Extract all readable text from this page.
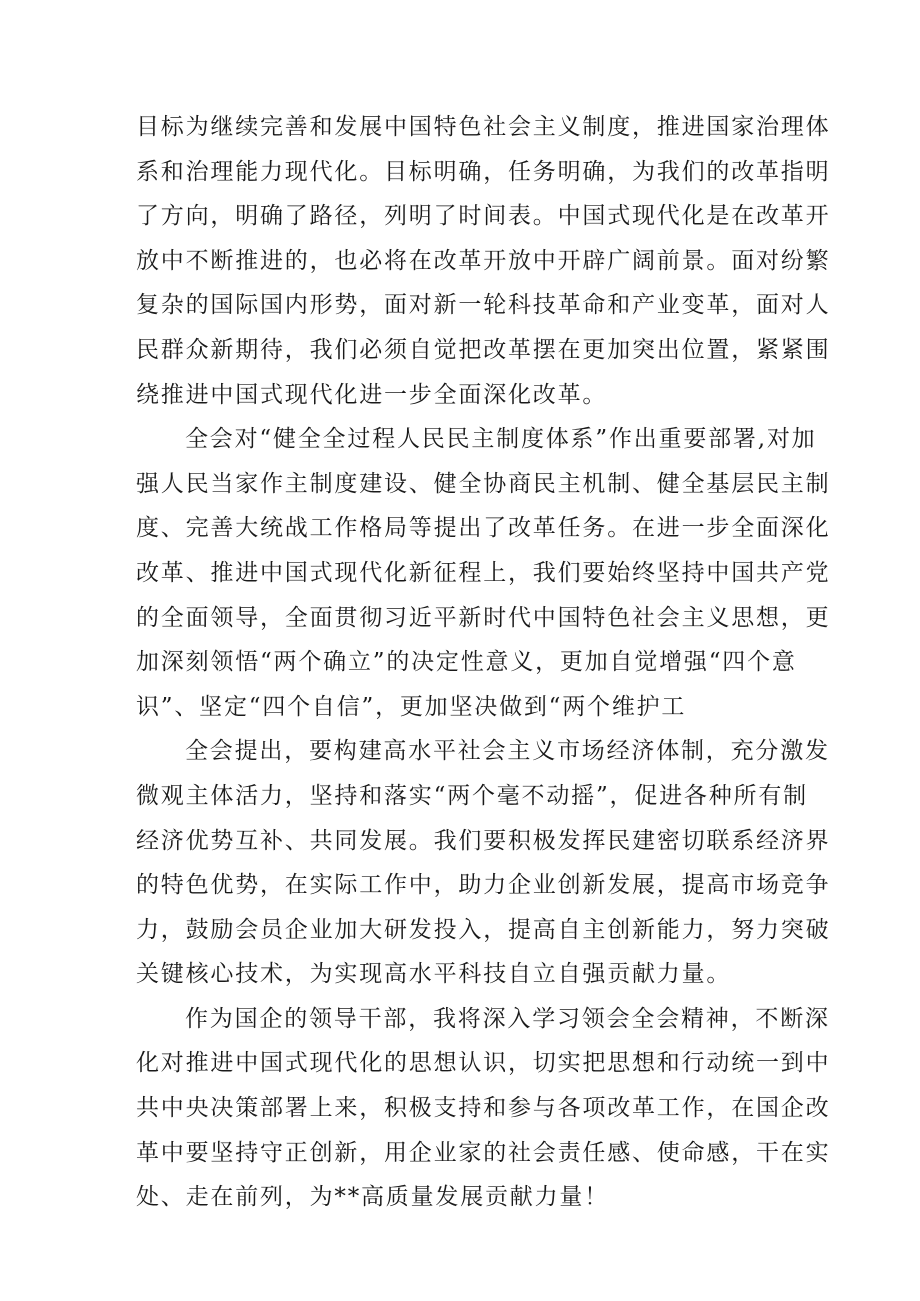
目标为继续完善和发展中国特色社会主义制度，推进国家治理体
系和治理能力现代化。目标明确，任务明确，为我们的改革指明
了方向，明确了路径，列明了时间表。中国式现代化是在改革开
放中不断推进的，也必将在改革开放中开辟广阔前景。面对纷繁
复杂的国际国内形势，面对新一轮科技革命和产业变革，面对人
民群众新期待，我们必须自觉把改革摆在更加突出位置，紧紧围
绕推进中国式现代化进一步全面深化改革。
全会对“健全全过程人民民主制度体系”作出重要部署,对加
强人民当家作主制度建设、健全协商民主机制、健全基层民主制
度、完善大统战工作格局等提出了改革任务。在进一步全面深化
改革、推进中国式现代化新征程上，我们要始终坚持中国共产党
的全面领导，全面贯彻习近平新时代中国特色社会主义思想，更
加深刻领悟“两个确立”的决定性意义，更加自觉增强“四个意
识”、坚定“四个自信”，更加坚决做到“两个维护工
全会提出，要构建高水平社会主义市场经济体制，充分激发
微观主体活力，坚持和落实“两个毫不动摇”，促进各种所有制
经济优势互补、共同发展。我们要积极发挥民建密切联系经济界
的特色优势，在实际工作中，助力企业创新发展，提高市场竞争
力，鼓励会员企业加大研发投入，提高自主创新能力，努力突破
关键核心技术，为实现高水平科技自立自强贡献力量。
作为国企的领导干部，我将深入学习领会全会精神，不断深
化对推进中国式现代化的思想认识，切实把思想和行动统一到中
共中央决策部署上来，积极支持和参与各项改革工作，在国企改
革中要坚持守正创新，用企业家的社会责任感、使命感，干在实
处、走在前列，为**高质量发展贡献力量！
